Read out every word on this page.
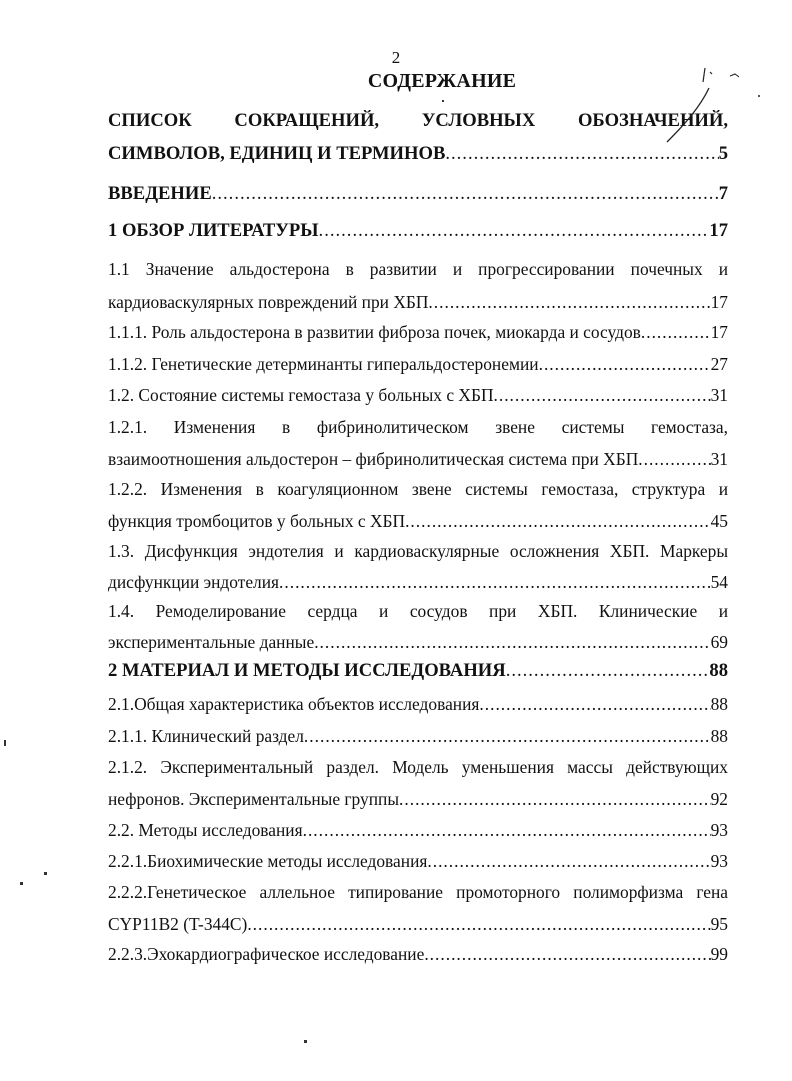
2
СОДЕРЖАНИЕ
СПИСОК СОКРАЩЕНИЙ, УСЛОВНЫХ ОБОЗНАЧЕНИЙ,
СИМВОЛОВ, ЕДИНИЦ И ТЕРМИНОВ .....	5
ВВЕДЕНИЕ .....	7
1 ОБЗОР ЛИТЕРАТУРЫ .....	17
1.1 Значение альдостерона в развитии и прогрессировании почечных и
кардиоваскулярных повреждений при ХБП .....	17
1.1.1. Роль альдостерона в развитии фиброза почек, миокарда и сосудов .....	17
1.1.2. Генетические детерминанты гиперальдостеронемии .....	27
1.2. Состояние системы гемостаза у больных с ХБП .....	31
1.2.1. Изменения в фибринолитическом звене системы гемостаза,
взаимоотношения альдостерон – фибринолитическая система при ХБП .....	31
1.2.2. Изменения в коагуляционном звене системы гемостаза, структура и
функция тромбоцитов у больных с ХБП .....	45
1.3. Дисфункция эндотелия и кардиоваскулярные осложнения ХБП. Маркеры
дисфункции эндотелия .....	54
1.4. Ремоделирование сердца и сосудов при ХБП. Клинические и
экспериментальные данные .....	69
2 МАТЕРИАЛ И МЕТОДЫ ИССЛЕДОВАНИЯ .....	88
2.1.Общая характеристика объектов исследования .....	88
2.1.1. Клинический раздел .....	88
2.1.2. Экспериментальный раздел. Модель уменьшения массы действующих
нефронов. Экспериментальные группы .....	92
2.2. Методы исследования .....	93
2.2.1.Биохимические методы исследования .....	93
2.2.2.Генетическое аллельное типирование промоторного полиморфизма гена
CYP11B2 (T-344C) .....	95
2.2.3.Эхокардиографическое исследование .....	99
